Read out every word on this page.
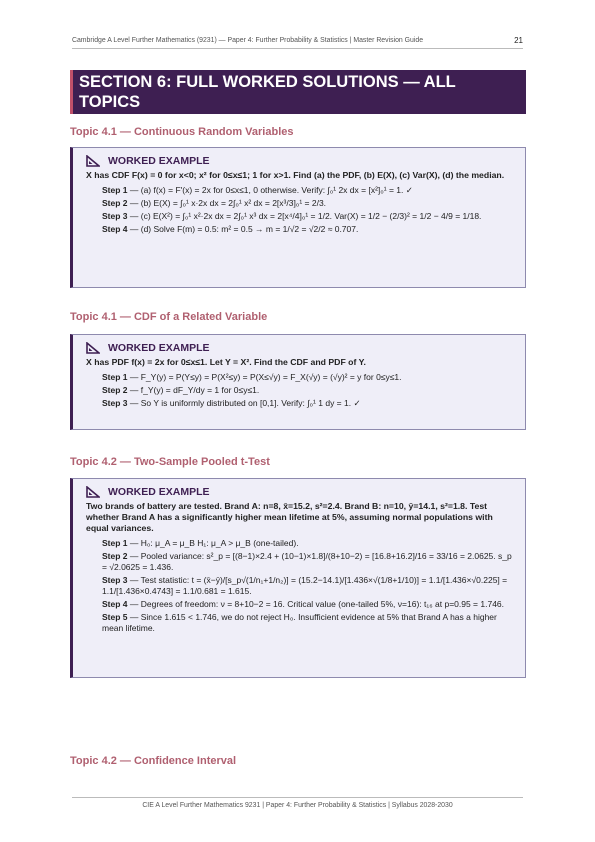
Cambridge A Level Further Mathematics (9231) — Paper 4: Further Probability & Statistics | Master Revision Guide	21
SECTION 6: FULL WORKED SOLUTIONS — ALL TOPICS
Topic 4.1 — Continuous Random Variables
WORKED EXAMPLE
X has CDF F(x) = 0 for x<0; x² for 0≤x≤1; 1 for x>1. Find (a) the PDF, (b) E(X), (c) Var(X), (d) the median.
Step 1 — (a) f(x) = F'(x) = 2x for 0≤x≤1, 0 otherwise. Verify: ∫₀¹ 2x dx = [x²]₀¹ = 1. ✓
Step 2 — (b) E(X) = ∫₀¹ x·2x dx = 2∫₀¹ x² dx = 2[x³/3]₀¹ = 2/3.
Step 3 — (c) E(X²) = ∫₀¹ x²·2x dx = 2∫₀¹ x³ dx = 2[x⁴/4]₀¹ = 1/2. Var(X) = 1/2 − (2/3)² = 1/2 − 4/9 = 1/18.
Step 4 — (d) Solve F(m) = 0.5: m² = 0.5 → m = 1/√2 = √2/2 ≈ 0.707.
Topic 4.1 — CDF of a Related Variable
WORKED EXAMPLE
X has PDF f(x) = 2x for 0≤x≤1. Let Y = X². Find the CDF and PDF of Y.
Step 1 — F_Y(y) = P(Y≤y) = P(X²≤y) = P(X≤√y) = F_X(√y) = (√y)² = y for 0≤y≤1.
Step 2 — f_Y(y) = dF_Y/dy = 1 for 0≤y≤1.
Step 3 — So Y is uniformly distributed on [0,1]. Verify: ∫₀¹ 1 dy = 1. ✓
Topic 4.2 — Two-Sample Pooled t-Test
WORKED EXAMPLE
Two brands of battery are tested. Brand A: n=8, x̄=15.2, s²=2.4. Brand B: n=10, ȳ=14.1, s²=1.8. Test whether Brand A has a significantly higher mean lifetime at 5%, assuming normal populations with equal variances.
Step 1 — H₀: μ_A = μ_B H₁: μ_A > μ_B (one-tailed).
Step 2 — Pooled variance: s²_p = [(8−1)×2.4 + (10−1)×1.8]/(8+10−2) = [16.8+16.2]/16 = 33/16 = 2.0625. s_p = √2.0625 = 1.436.
Step 3 — Test statistic: t = (x̄−ȳ)/[s_p√(1/n₁+1/n₂)] = (15.2−14.1)/[1.436×√(1/8+1/10)] = 1.1/[1.436×√0.225] = 1.1/[1.436×0.4743] = 1.1/0.681 = 1.615.
Step 4 — Degrees of freedom: ν = 8+10−2 = 16. Critical value (one-tailed 5%, ν=16): t₁₆ at p=0.95 = 1.746.
Step 5 — Since 1.615 < 1.746, we do not reject H₀. Insufficient evidence at 5% that Brand A has a higher mean lifetime.
Topic 4.2 — Confidence Interval
CIE A Level Further Mathematics 9231 | Paper 4: Further Probability & Statistics | Syllabus 2028-2030
